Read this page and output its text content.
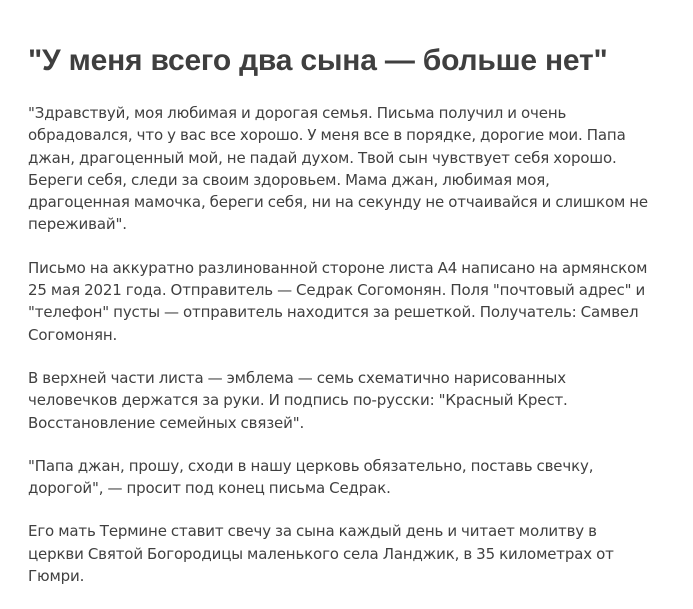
"У меня всего два сына — больше нет"

"Здравствуй, моя любимая и дорогая семья. Письма получил и очень обрадовался, что у вас все хорошо. У меня все в порядке, дорогие мои. Папа джан, драгоценный мой, не падай духом. Твой сын чувствует себя хорошо. Береги себя, следи за своим здоровьем. Мама джан, любимая моя, драгоценная мамочка, береги себя, ни на секунду не отчаивайся и слишком не переживай".

Письмо на аккуратно разлинованной стороне листа А4 написано на армянском 25 мая 2021 года. Отправитель — Седрак Согомонян. Поля "почтовый адрес" и "телефон" пусты — отправитель находится за решеткой. Получатель: Самвел Согомонян.

В верхней части листа — эмблема — семь схематично нарисованных человечков держатся за руки. И подпись по-русски: "Красный Крест. Восстановление семейных связей".

"Папа джан, прошу, сходи в нашу церковь обязательно, поставь свечку, дорогой", — просит под конец письма Седрак.

Его мать Термине ставит свечу за сына каждый день и читает молитву в церкви Святой Богородицы маленького села Ланджик, в 35 километрах от Гюмри.
